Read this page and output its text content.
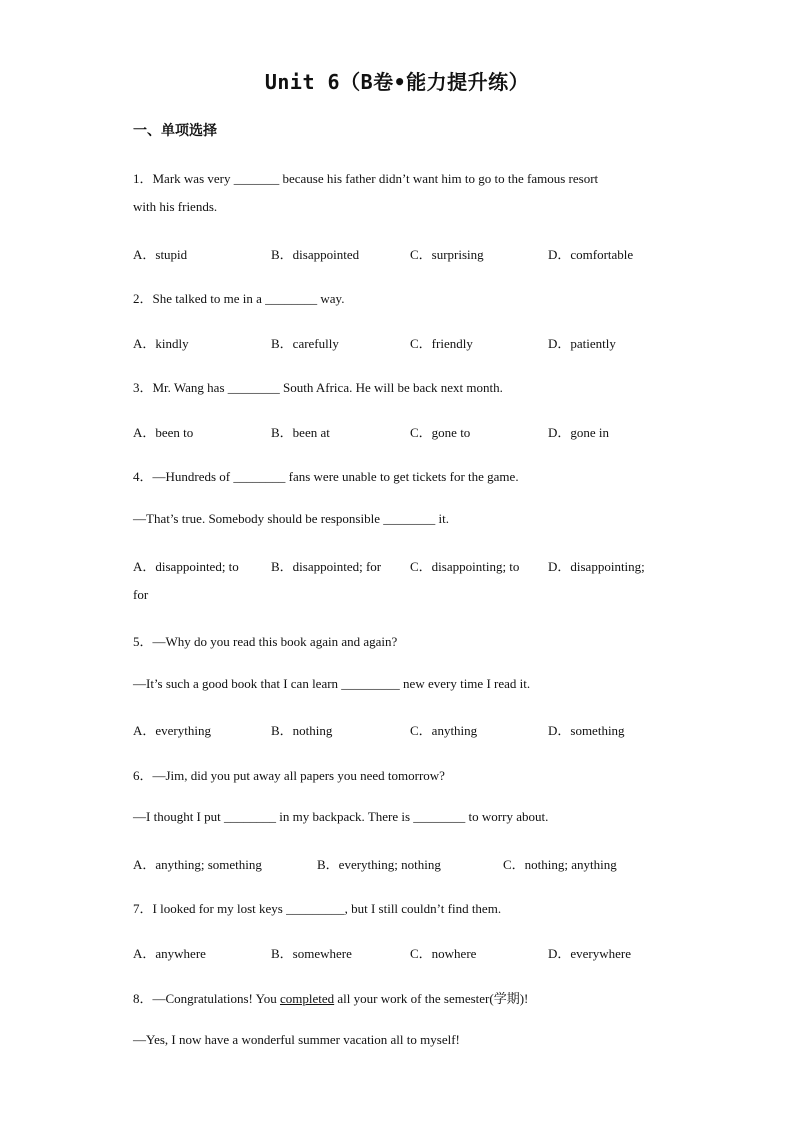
Unit 6（B卷•能力提升练）
一、单项选择
1．Mark was very _______ because his father didn’t want him to go to the famous resort
with his friends.
A．stupid	B．disappointed	C．surprising	D．comfortable
2．She talked to me in a ________ way.
A．kindly	B．carefully	C．friendly	D．patiently
3．Mr. Wang has ________ South Africa. He will be back next month.
A．been to	B．been at	C．gone to	D．gone in
4．—Hundreds of ________ fans were unable to get tickets for the game.
—That’s true. Somebody should be responsible ________ it.
A．disappointed; to B．disappointed; for C．disappointing; to D．disappointing;
for
5．—Why do you read this book again and again?
—It’s such a good book that I can learn _________ new every time I read it.
A．everything	B．nothing	C．anything	D．something
6．—Jim, did you put away all papers you need tomorrow?
—I thought I put ________ in my backpack. There is ________ to worry about.
A．anything; something	B．everything; nothing	C．nothing; anything
7．I looked for my lost keys _________, but I still couldn’t find them.
A．anywhere	B．somewhere	C．nowhere	D．everywhere
8．—Congratulations! You completed all your work of the semester(学期)!
—Yes, I now have a wonderful summer vacation all to myself!
